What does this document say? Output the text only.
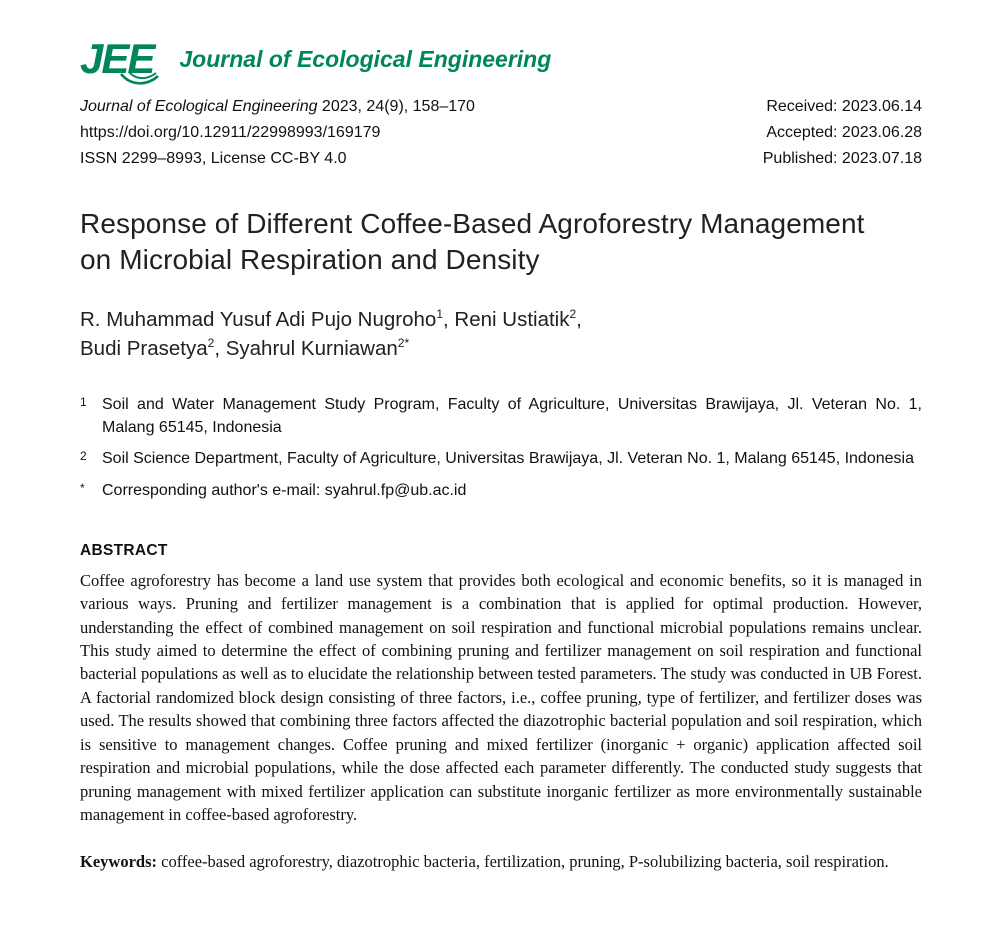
JEE Journal of Ecological Engineering
Journal of Ecological Engineering 2023, 24(9), 158–170
https://doi.org/10.12911/22998993/169179
ISSN 2299–8993, License CC-BY 4.0
Received: 2023.06.14
Accepted: 2023.06.28
Published: 2023.07.18
Response of Different Coffee-Based Agroforestry Management
on Microbial Respiration and Density

R. Muhammad Yusuf Adi Pujo Nugroho$^1$, Reni Ustiatik$^2$,

Budi Prasetya$^2$, Syahrul Kurniawan$^{2*}$

1 Soil and Water Management Study Program, Faculty of Agriculture, Universitas Brawijaya, Jl. Veteran No. 1, Malang 65145, Indonesia
2 Soil Science Department, Faculty of Agriculture, Universitas Brawijaya, Jl. Veteran No. 1, Malang 65145, Indonesia
*	Corresponding author's e-mail: syahrul.fp@ub.ac.id
ABSTRACT

Coffee agroforestry has become a land use system that provides both ecological and economic benefits, so it is managed in various ways. Pruning and fertilizer management is a combination that is applied for optimal production. However, understanding the effect of combined management on soil respiration and functional microbial populations remains unclear. This study aimed to determine the effect of combining pruning and fertilizer management on soil respiration and functional bacterial populations as well as to elucidate the relationship between tested parameters. The study was conducted in UB Forest. A factorial randomized block design consisting of three factors, i.e., coffee pruning, type of fertilizer, and fertilizer doses was used. The results showed that combining three factors affected the diazotrophic bacterial population and soil respiration, which is sensitive to management changes. Coffee pruning and mixed fertilizer (inorganic + organic) application affected soil respiration and microbial populations, while the dose affected each parameter differently. The conducted study suggests that pruning management with mixed fertilizer application can substitute inorganic fertilizer as more environmentally sustainable management in coffee-based agroforestry.

Keywords: coffee-based agroforestry, diazotrophic bacteria, fertilization, pruning, P-solubilizing bacteria, soil respiration.
